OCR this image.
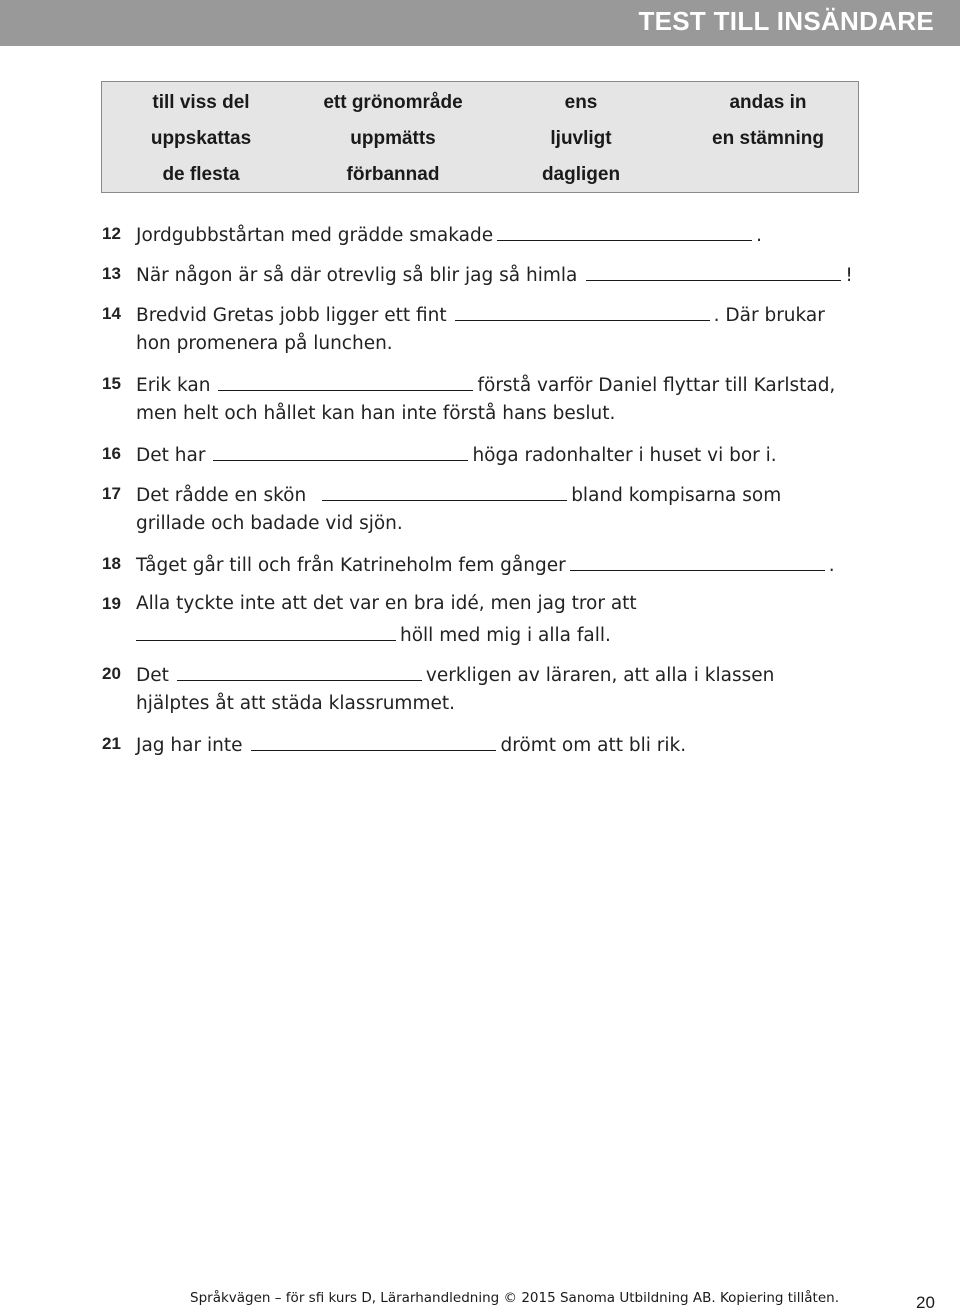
TEST TILL INSÄNDARE
till viss del	ett grönområde	ens	andas in
uppskattas	uppmätts	ljuvligt	en stämning
de flesta	förbannad	dagligen
12 Jordgubbstårtan med grädde smakade	.
13 När någon är så där otrevlig så blir jag så himla	!
14 Bredvid Gretas jobb ligger ett fint	. Där brukar
hon promenera på lunchen.
15 Erik kan	förstå varför Daniel flyttar till Karlstad,
men helt och hållet kan han inte förstå hans beslut.
16 Det har	höga radonhalter i huset vi bor i.
17 Det rådde en skön	bland kompisarna som
grillade och badade vid sjön.
18 Tåget går till och från Katrineholm fem gånger	.
19 Alla tyckte inte att det var en bra idé, men jag tror att
höll med mig i alla fall.
20 Det	verkligen av läraren, att alla i klassen
hjälptes åt att städa klassrummet.
21 Jag har inte	drömt om att bli rik.
Språkvägen – för sfi kurs D, Lärarhandledning © 2015 Sanoma Utbildning AB. Kopiering tillåten.	20
